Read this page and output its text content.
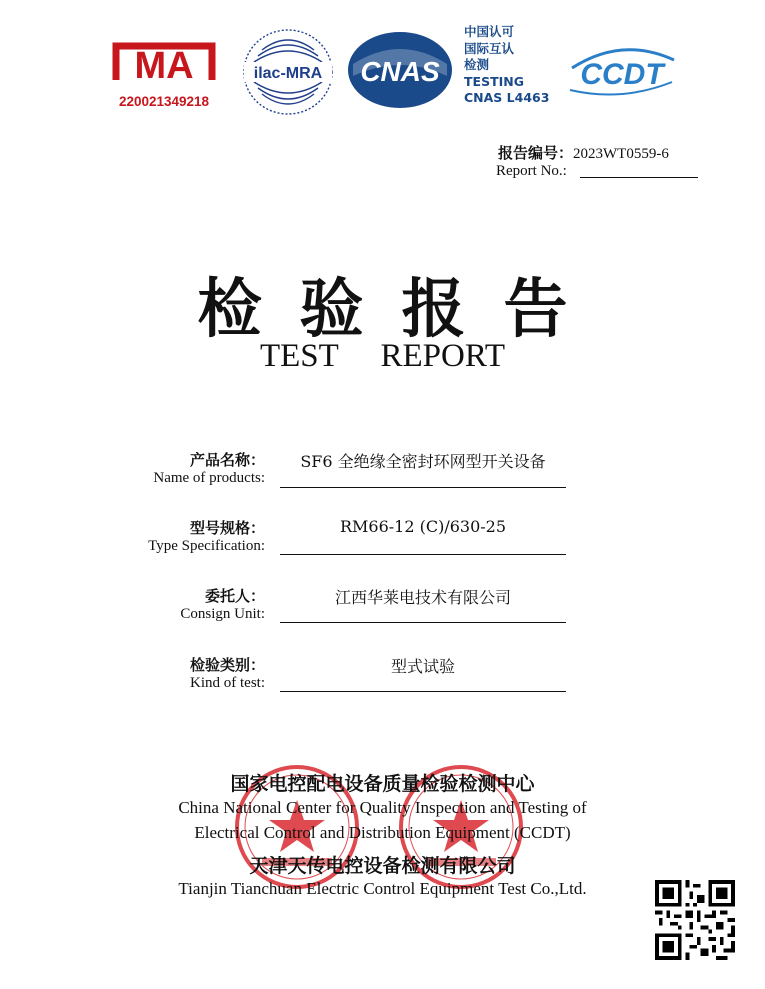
MA
220021349218
ilac-MRA CNAS
中国认可
国际互认
检测
TESTING
CNAS L4463
CCDT
报告编号：2023WT0559-6
Report No.:
检验报告
TEST REPORT
产品名称：
Name of products:
SF6 全绝缘全密封环网型开关设备
型号规格：
Type Specification:
RM66-12 (C)/630-25
委托人：
Consign Unit:
江西华莱电技术有限公司
检验类别：
Kind of test:
型式试验
国家电控配电设备质量检验检测中心
China National Center for Quality Inspection and Testing of
Electrical Control and Distribution Equipment (CCDT)
天津天传电控设备检测有限公司
Tianjin Tianchuan Electric Control Equipment Test Co.,Ltd.
